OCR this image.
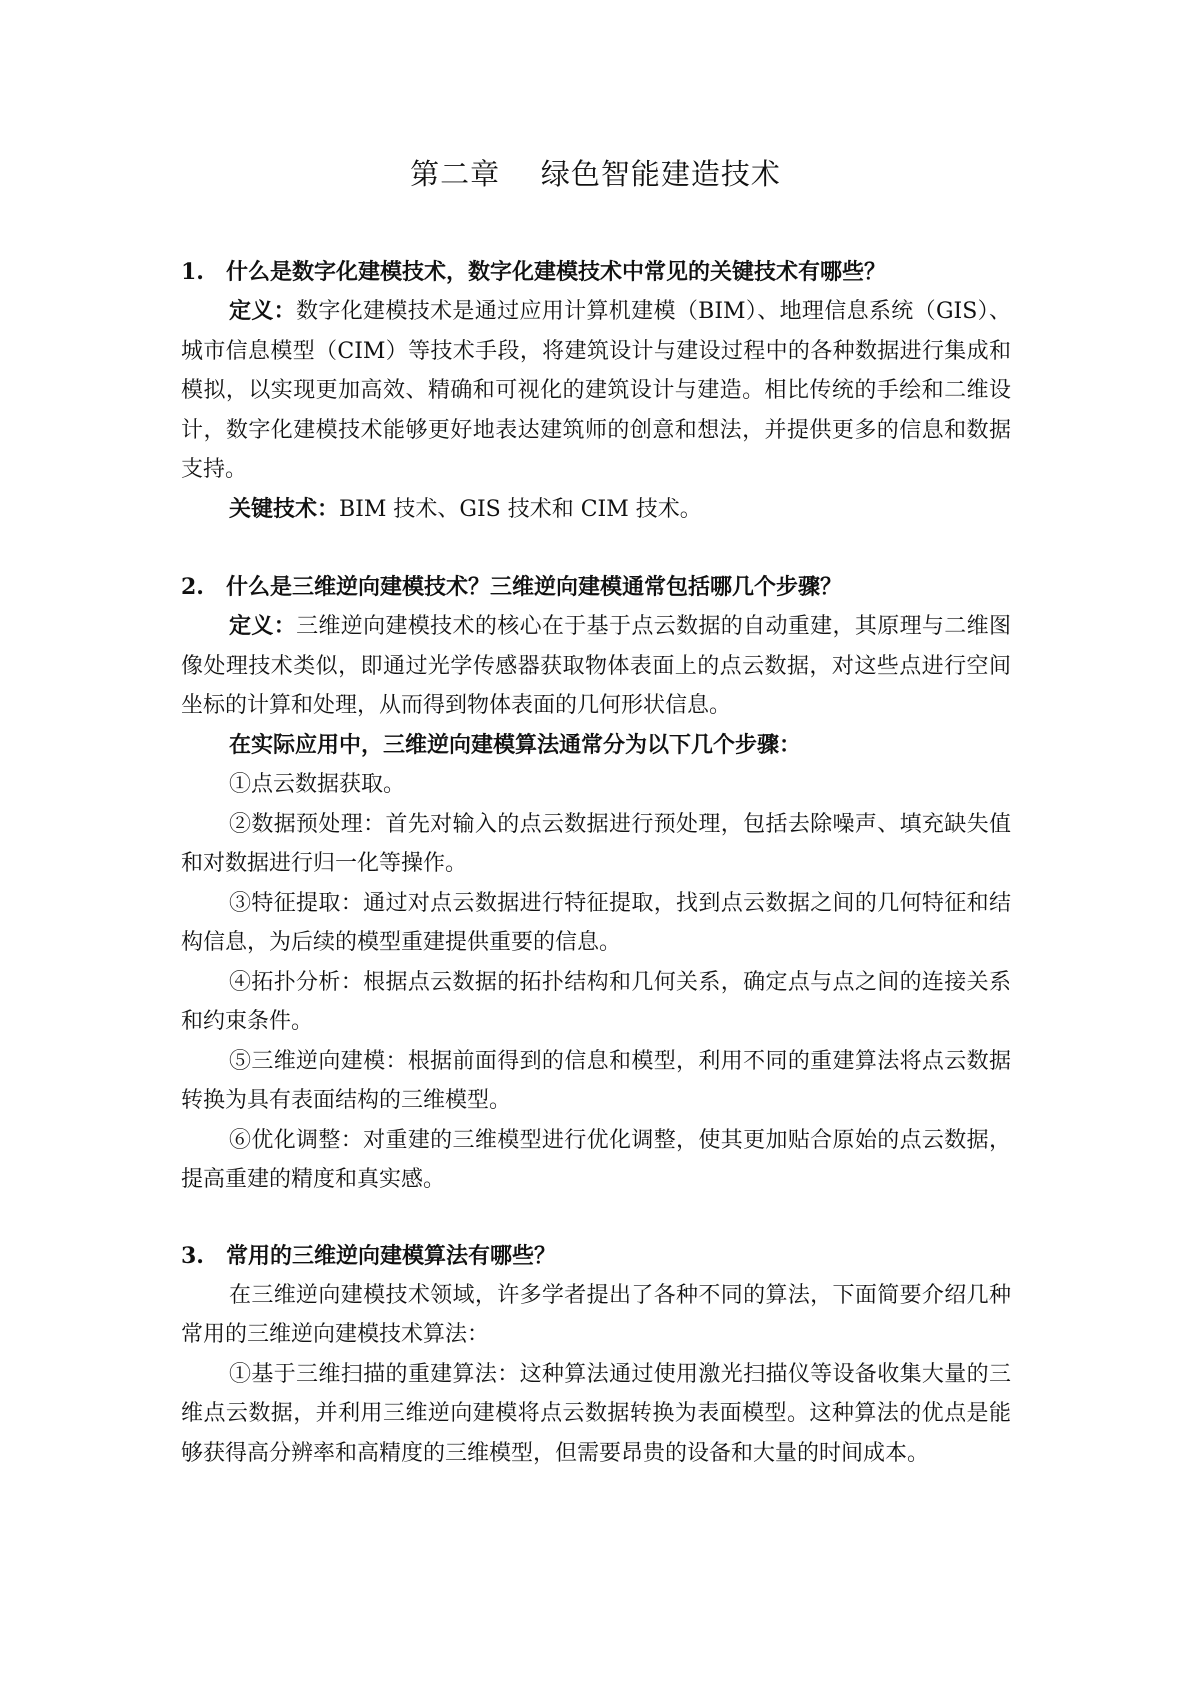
第二章    绿色智能建造技术
1.	什么是数字化建模技术，数字化建模技术中常见的关键技术有哪些？

定义：数字化建模技术是通过应用计算机建模（BIM）、地理信息系统（GIS）、城市信息模型（CIM）等技术手段，将建筑设计与建设过程中的各种数据进行集成和模拟，以实现更加高效、精确和可视化的建筑设计与建造。相比传统的手绘和二维设计，数字化建模技术能够更好地表达建筑师的创意和想法，并提供更多的信息和数据支持。

关键技术：BIM 技术、GIS 技术和 CIM 技术。

2.	什么是三维逆向建模技术？三维逆向建模通常包括哪几个步骤？

定义：三维逆向建模技术的核心在于基于点云数据的自动重建，其原理与二维图像处理技术类似，即通过光学传感器获取物体表面上的点云数据，对这些点进行空间坐标的计算和处理，从而得到物体表面的几何形状信息。

在实际应用中，三维逆向建模算法通常分为以下几个步骤：

①点云数据获取。

②数据预处理：首先对输入的点云数据进行预处理，包括去除噪声、填充缺失值和对数据进行归一化等操作。

③特征提取：通过对点云数据进行特征提取，找到点云数据之间的几何特征和结构信息，为后续的模型重建提供重要的信息。

④拓扑分析：根据点云数据的拓扑结构和几何关系，确定点与点之间的连接关系和约束条件。

⑤三维逆向建模：根据前面得到的信息和模型，利用不同的重建算法将点云数据转换为具有表面结构的三维模型。

⑥优化调整：对重建的三维模型进行优化调整，使其更加贴合原始的点云数据，提高重建的精度和真实感。

3.	常用的三维逆向建模算法有哪些？

在三维逆向建模技术领域，许多学者提出了各种不同的算法，下面简要介绍几种常用的三维逆向建模技术算法：

①基于三维扫描的重建算法：这种算法通过使用激光扫描仪等设备收集大量的三维点云数据，并利用三维逆向建模将点云数据转换为表面模型。这种算法的优点是能够获得高分辨率和高精度的三维模型，但需要昂贵的设备和大量的时间成本。
